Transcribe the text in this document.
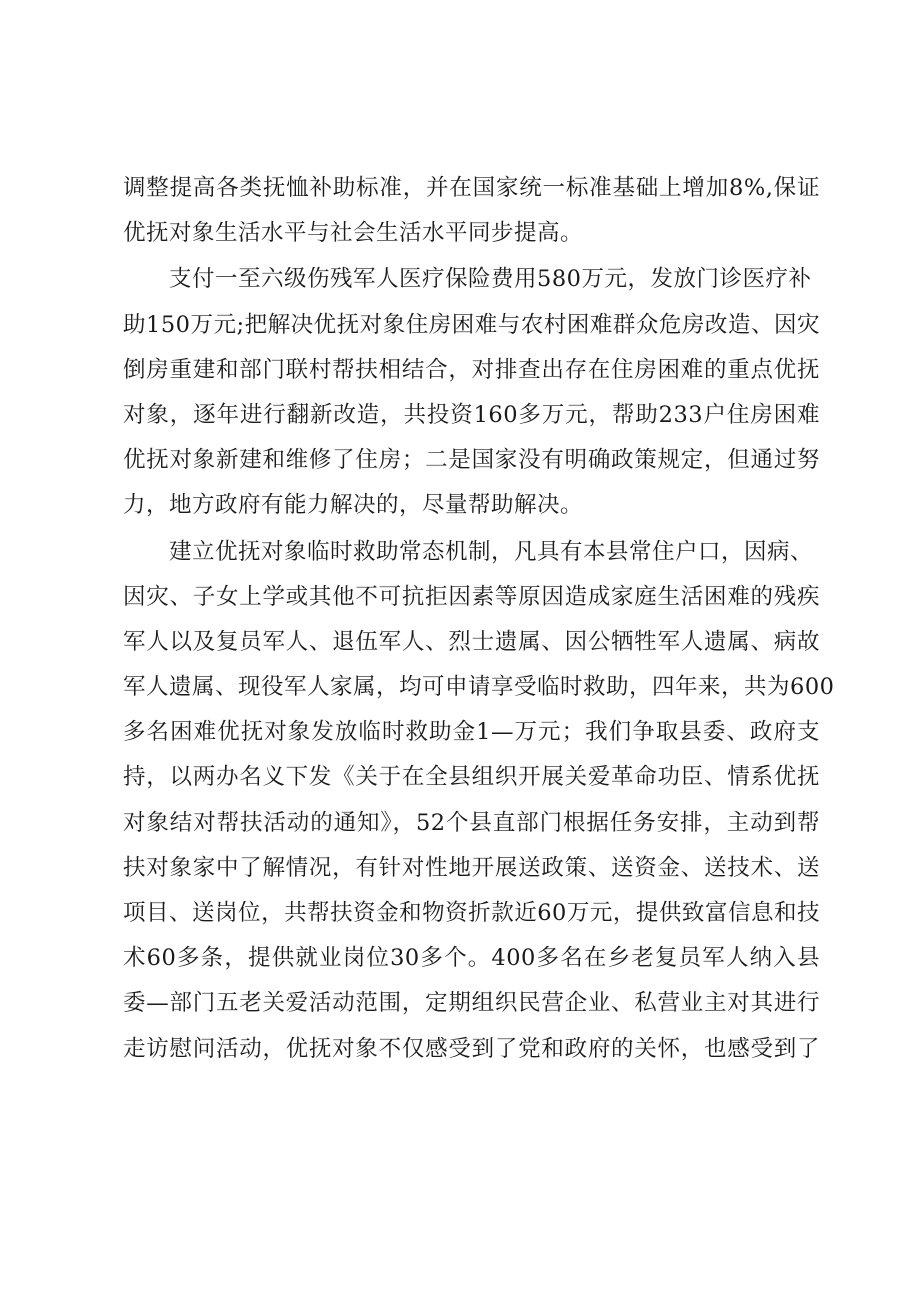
调整提高各类抚恤补助标准，并在国家统一标准基础上增加8%,保证
优抚对象生活水平与社会生活水平同步提高。
支付一至六级伤残军人医疗保险费用580万元，发放门诊医疗补
助150万元;把解决优抚对象住房困难与农村困难群众危房改造、因灾
倒房重建和部门联村帮扶相结合，对排查出存在住房困难的重点优抚
对象，逐年进行翻新改造，共投资160多万元，帮助233户住房困难
优抚对象新建和维修了住房；二是国家没有明确政策规定，但通过努
力，地方政府有能力解决的，尽量帮助解决。
建立优抚对象临时救助常态机制，凡具有本县常住户口，因病、
因灾、子女上学或其他不可抗拒因素等原因造成家庭生活困难的残疾
军人以及复员军人、退伍军人、烈士遗属、因公牺牲军人遗属、病故
军人遗属、现役军人家属，均可申请享受临时救助，四年来，共为600
多名困难优抚对象发放临时救助金1—万元；我们争取县委、政府支
持，以两办名义下发《关于在全县组织开展关爱革命功臣、情系优抚
对象结对帮扶活动的通知》，52个县直部门根据任务安排，主动到帮
扶对象家中了解情况，有针对性地开展送政策、送资金、送技术、送
项目、送岗位，共帮扶资金和物资折款近60万元，提供致富信息和技
术60多条，提供就业岗位30多个。400多名在乡老复员军人纳入县
委—部门五老关爱活动范围，定期组织民营企业、私营业主对其进行
走访慰问活动，优抚对象不仅感受到了党和政府的关怀，也感受到了
